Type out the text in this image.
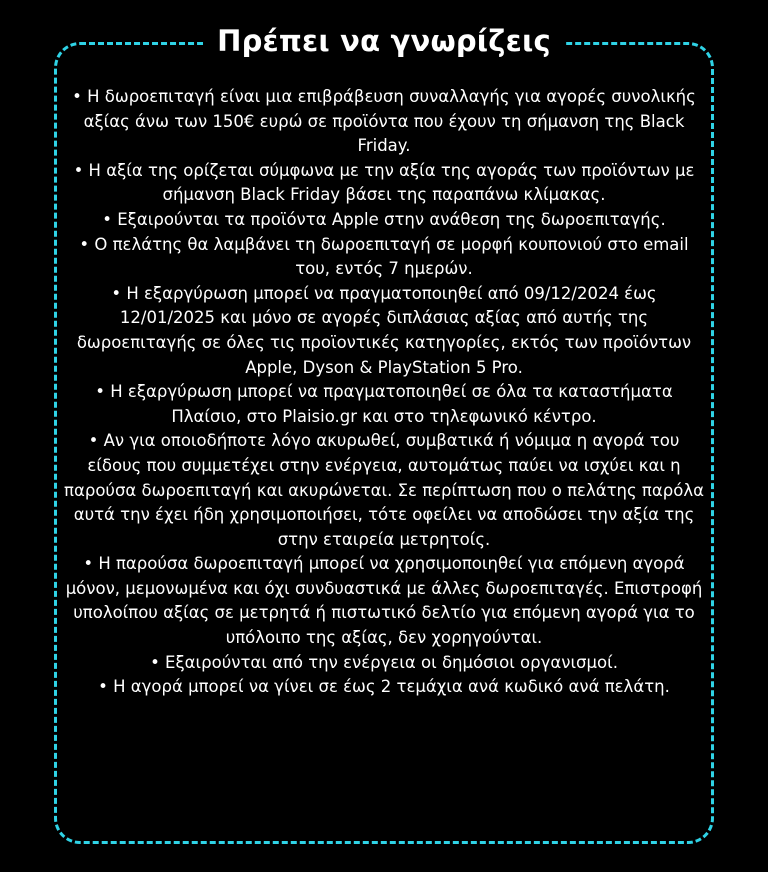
Πρέπει να γνωρίζεις

• Η δωροεπιταγή είναι μια επιβράβευση συναλλαγής για αγορές συνολικής αξίας άνω των 150€ ευρώ σε προϊόντα που έχουν τη σήμανση της Black Friday.

• Η αξία της ορίζεται σύμφωνα με την αξία της αγοράς των προϊόντων με σήμανση Black Friday βάσει της παραπάνω κλίμακας.

• Εξαιρούνται τα προϊόντα Apple στην ανάθεση της δωροεπιταγής.

• Ο πελάτης θα λαμβάνει τη δωροεπιταγή σε μορφή κουπονιού στο email του, εντός 7 ημερών.

• Η εξαργύρωση μπορεί να πραγματοποιηθεί από 09/12/2024 έως 12/01/2025 και μόνο σε αγορές διπλάσιας αξίας από αυτής της δωροεπιταγής σε όλες τις προϊοντικές κατηγορίες, εκτός των προϊόντων Apple, Dyson & PlayStation 5 Pro.

• Η εξαργύρωση μπορεί να πραγματοποιηθεί σε όλα τα καταστήματα Πλαίσιο, στο Plaisio.gr και στο τηλεφωνικό κέντρο.

• Αν για οποιοδήποτε λόγο ακυρωθεί, συμβατικά ή νόμιμα η αγορά του είδους που συμμετέχει στην ενέργεια, αυτομάτως παύει να ισχύει και η παρούσα δωροεπιταγή και ακυρώνεται. Σε περίπτωση που ο πελάτης παρόλα αυτά την έχει ήδη χρησιμοποιήσει, τότε οφείλει να αποδώσει την αξία της στην εταιρεία μετρητοίς.

• Η παρούσα δωροεπιταγή μπορεί να χρησιμοποιηθεί για επόμενη αγορά μόνον, μεμονωμένα και όχι συνδυαστικά με άλλες δωροεπιταγές. Επιστροφή υπολοίπου αξίας σε μετρητά ή πιστωτικό δελτίο για επόμενη αγορά για το υπόλοιπο της αξίας, δεν χορηγούνται.

• Εξαιρούνται από την ενέργεια οι δημόσιοι οργανισμοί.

• Η αγορά μπορεί να γίνει σε έως 2 τεμάχια ανά κωδικό ανά πελάτη.
